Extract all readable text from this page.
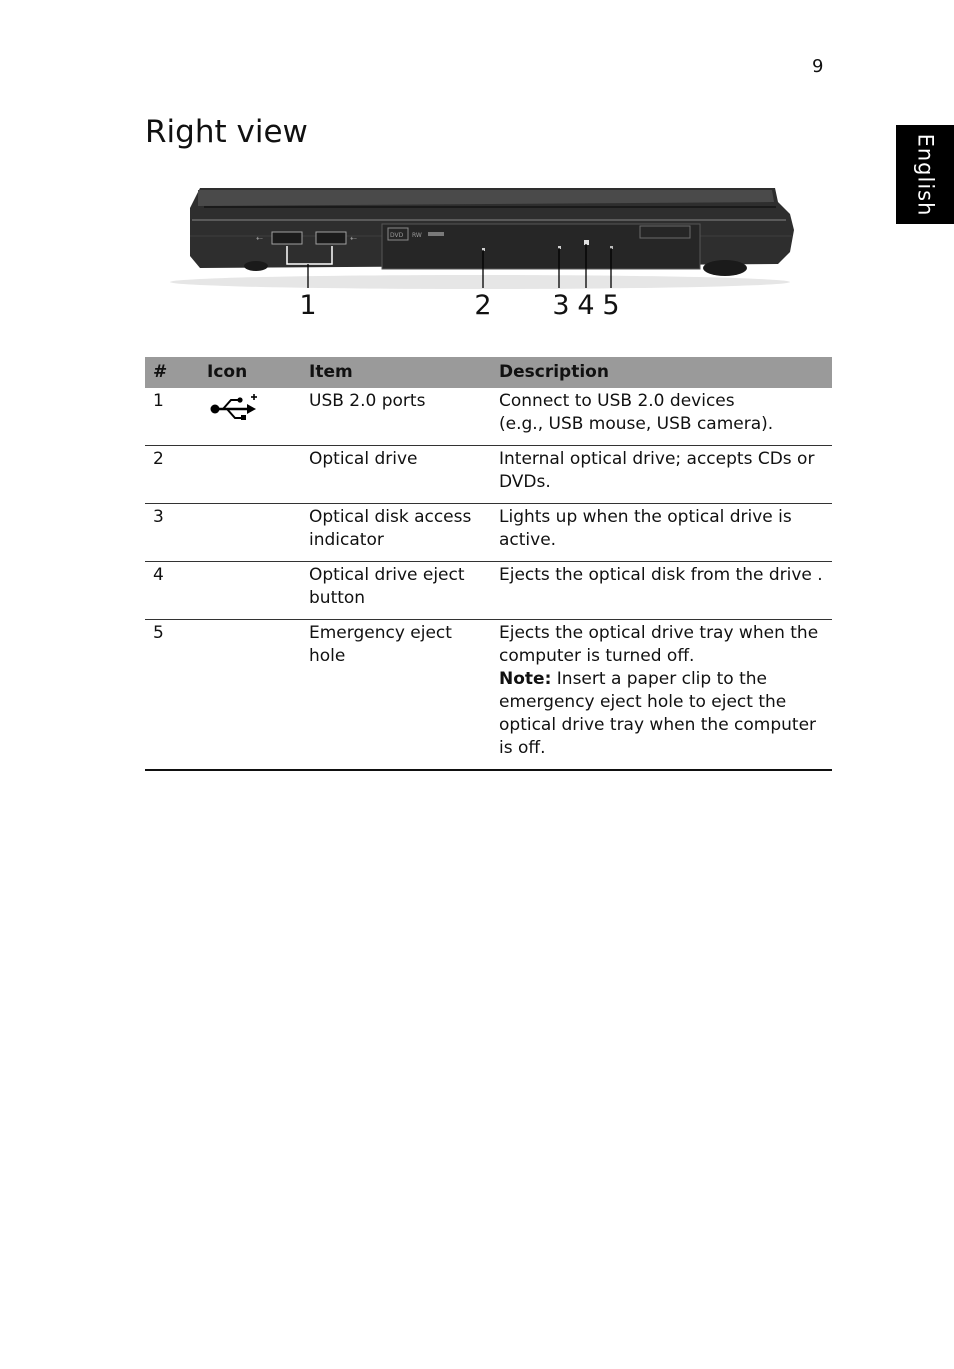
9
English
Right view
DVD RW
⇠	⇠
1	2 3 4 5
#	Icon	Item	Description
1		USB 2.0 ports	Connect to USB 2.0 devices
(e.g., USB mouse, USB camera).

2		Optical drive	Internal optical drive; accepts CDs or DVDs.
3		Optical disk access indicator	Lights up when the optical drive is active.
4		Optical drive eject button	Ejects the optical disk from the drive .
5		Emergency eject hole	Ejects the optical drive tray when the computer is turned off.
Note: Insert a paper clip to the emergency eject hole to eject the optical drive tray when the computer is off.
